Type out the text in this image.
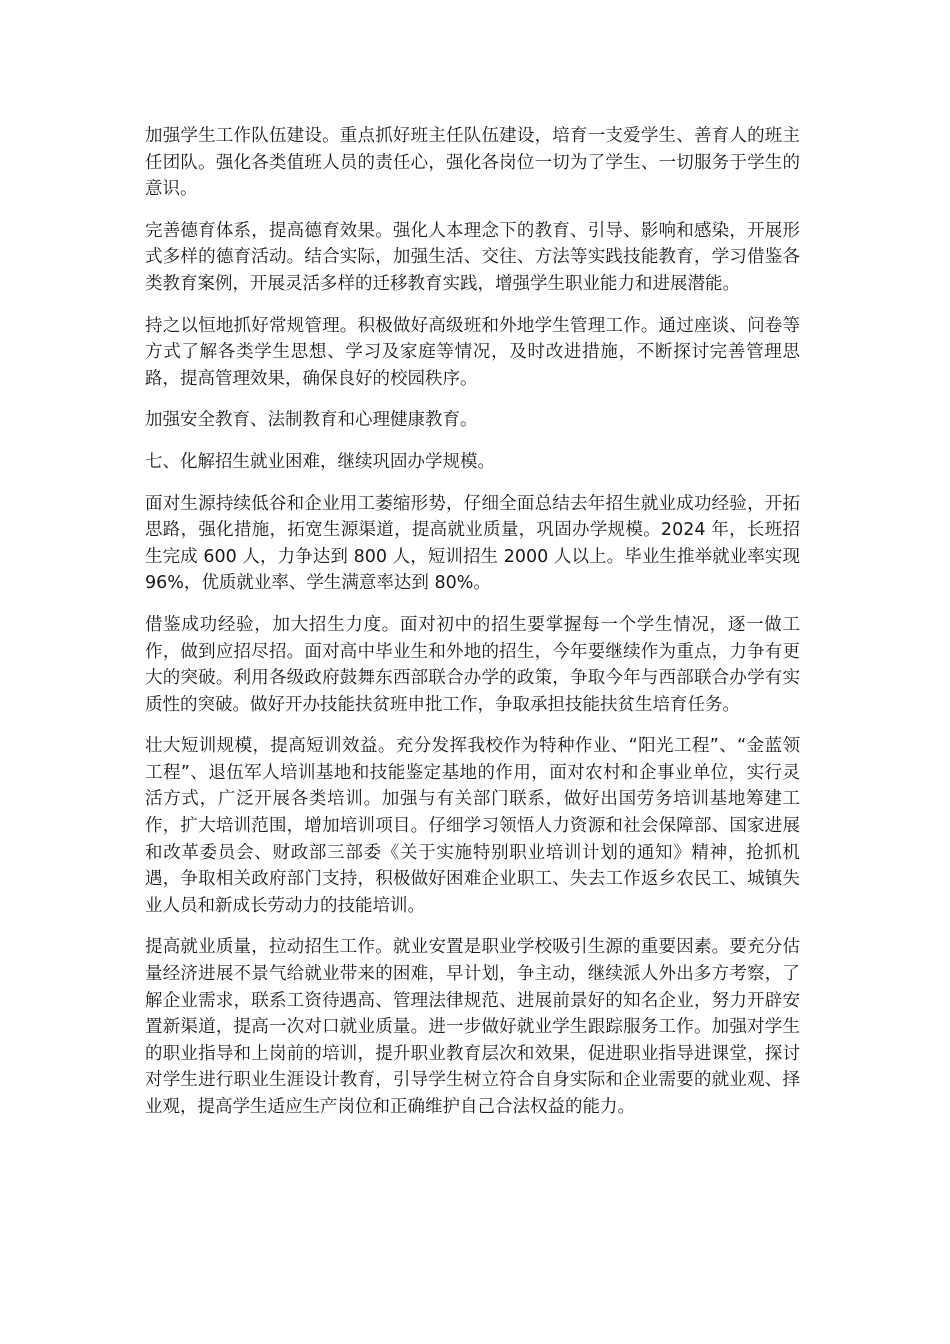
加强学生工作队伍建设。重点抓好班主任队伍建设，培育一支爱学生、善育人的班主任团队。强化各类值班人员的责任心，强化各岗位一切为了学生、一切服务于学生的意识。

完善德育体系，提高德育效果。强化人本理念下的教育、引导、影响和感染，开展形式多样的德育活动。结合实际，加强生活、交往、方法等实践技能教育，学习借鉴各类教育案例，开展灵活多样的迁移教育实践，增强学生职业能力和进展潜能。

持之以恒地抓好常规管理。积极做好高级班和外地学生管理工作。通过座谈、问卷等方式了解各类学生思想、学习及家庭等情况，及时改进措施，不断探讨完善管理思路，提高管理效果，确保良好的校园秩序。

加强安全教育、法制教育和心理健康教育。

七、化解招生就业困难，继续巩固办学规模。

面对生源持续低谷和企业用工萎缩形势，仔细全面总结去年招生就业成功经验，开拓思路，强化措施，拓宽生源渠道，提高就业质量，巩固办学规模。2024 年，长班招生完成 600 人，力争达到 800 人，短训招生 2000 人以上。毕业生推举就业率实现 96%，优质就业率、学生满意率达到 80%。

借鉴成功经验，加大招生力度。面对初中的招生要掌握每一个学生情况，逐一做工作，做到应招尽招。面对高中毕业生和外地的招生，今年要继续作为重点，力争有更大的突破。利用各级政府鼓舞东西部联合办学的政策，争取今年与西部联合办学有实质性的突破。做好开办技能扶贫班申批工作，争取承担技能扶贫生培育任务。

壮大短训规模，提高短训效益。充分发挥我校作为特种作业、“阳光工程”、“金蓝领工程”、退伍军人培训基地和技能鉴定基地的作用，面对农村和企事业单位，实行灵活方式，广泛开展各类培训。加强与有关部门联系，做好出国劳务培训基地筹建工作，扩大培训范围，增加培训项目。仔细学习领悟人力资源和社会保障部、国家进展和改革委员会、财政部三部委《关于实施特别职业培训计划的通知》精神，抢抓机遇，争取相关政府部门支持，积极做好困难企业职工、失去工作返乡农民工、城镇失业人员和新成长劳动力的技能培训。

提高就业质量，拉动招生工作。就业安置是职业学校吸引生源的重要因素。要充分估量经济进展不景气给就业带来的困难，早计划，争主动，继续派人外出多方考察，了解企业需求，联系工资待遇高、管理法律规范、进展前景好的知名企业，努力开辟安置新渠道，提高一次对口就业质量。进一步做好就业学生跟踪服务工作。加强对学生的职业指导和上岗前的培训，提升职业教育层次和效果，促进职业指导进课堂，探讨对学生进行职业生涯设计教育，引导学生树立符合自身实际和企业需要的就业观、择业观，提高学生适应生产岗位和正确维护自己合法权益的能力。
